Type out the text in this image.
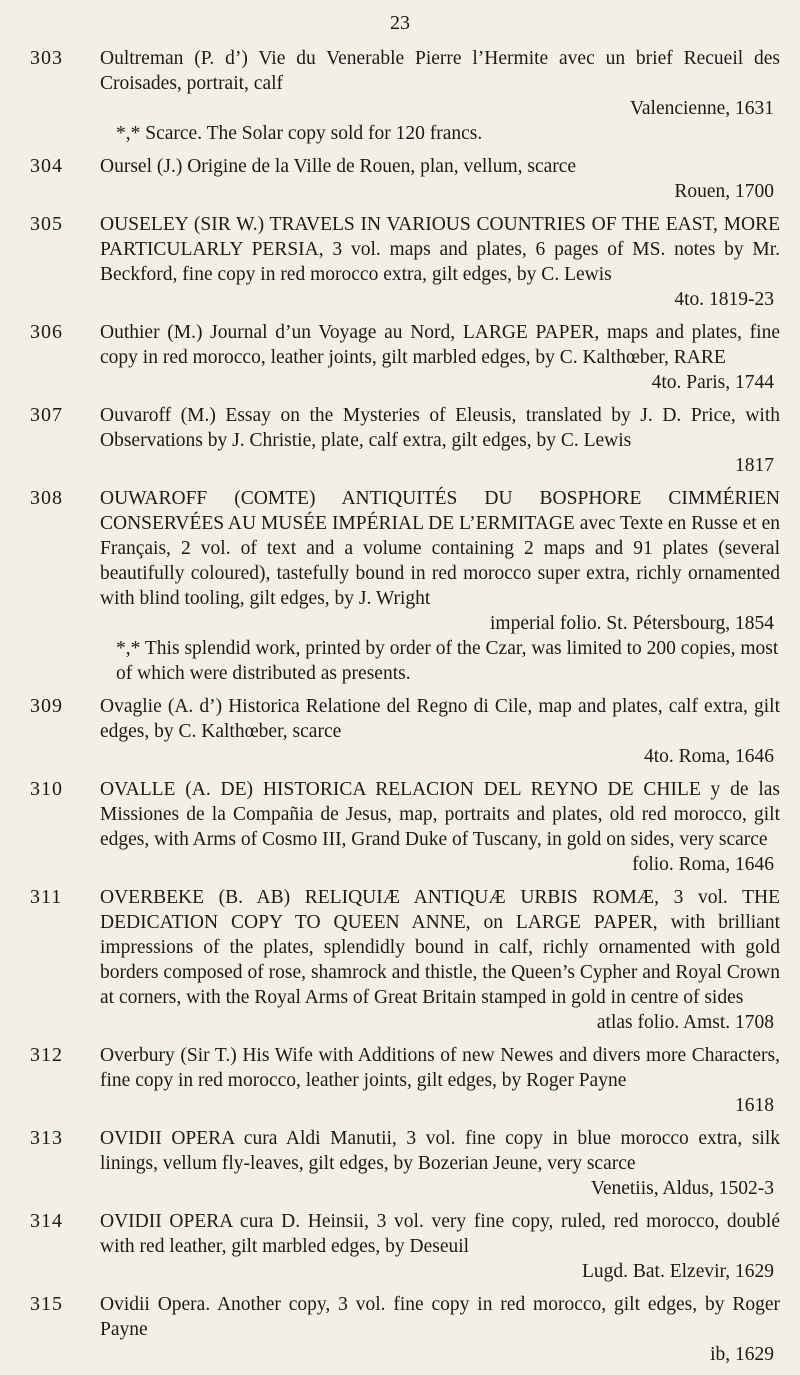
23
303 Oultreman (P. d’) Vie du Venerable Pierre l’Hermite avec un brief Recueil des Croisades, portrait, calf
Valencienne, 1631
*,* Scarce. The Solar copy sold for 120 francs.
304 Oursel (J.) Origine de la Ville de Rouen, plan, vellum, scarce
Rouen, 1700
305 OUSELEY (SIR W.) TRAVELS IN VARIOUS COUNTRIES OF THE EAST, MORE PARTICULARLY PERSIA, 3 vol. maps and plates, 6 pages of MS. notes by Mr. Beckford, fine copy in red morocco extra, gilt edges, by C. Lewis
4to. 1819-23
306 Outhier (M.) Journal d’un Voyage au Nord, LARGE PAPER, maps and plates, fine copy in red morocco, leather joints, gilt marbled edges, by C. Kalthœber, RARE
4to. Paris, 1744
307 Ouvaroff (M.) Essay on the Mysteries of Eleusis, translated by J. D. Price, with Observations by J. Christie, plate, calf extra, gilt edges, by C. Lewis
1817
308 OUWAROFF (COMTE) ANTIQUITÉS DU BOSPHORE CIMMÉRIEN CONSERVÉES AU MUSÉE IMPÉRIAL DE L’ERMITAGE avec Texte en Russe et en Français, 2 vol. of text and a volume containing 2 maps and 91 plates (several beautifully coloured), tastefully bound in red morocco super extra, richly ornamented with blind tooling, gilt edges, by J. Wright
imperial folio. St. Pétersbourg, 1854
*,* This splendid work, printed by order of the Czar, was limited to 200 copies, most of which were distributed as presents.
309 Ovaglie (A. d’) Historica Relatione del Regno di Cile, map and plates, calf extra, gilt edges, by C. Kalthœber, scarce
4to. Roma, 1646
310 OVALLE (A. DE) HISTORICA RELACION DEL REYNO DE CHILE y de las Missiones de la Compañia de Jesus, map, portraits and plates, old red morocco, gilt edges, with Arms of Cosmo III, Grand Duke of Tuscany, in gold on sides, very scarce
folio. Roma, 1646
311 OVERBEKE (B. AB) RELIQUIÆ ANTIQUÆ URBIS ROMÆ, 3 vol. THE DEDICATION COPY TO QUEEN ANNE, on LARGE PAPER, with brilliant impressions of the plates, splendidly bound in calf, richly ornamented with gold borders composed of rose, shamrock and thistle, the Queen’s Cypher and Royal Crown at corners, with the Royal Arms of Great Britain stamped in gold in centre of sides
atlas folio. Amst. 1708
312 Overbury (Sir T.) His Wife with Additions of new Newes and divers more Characters, fine copy in red morocco, leather joints, gilt edges, by Roger Payne
1618
313 OVIDII OPERA cura Aldi Manutii, 3 vol. fine copy in blue morocco extra, silk linings, vellum fly-leaves, gilt edges, by Bozerian Jeune, very scarce
Venetiis, Aldus, 1502-3
314 OVIDII OPERA cura D. Heinsii, 3 vol. very fine copy, ruled, red morocco, doublé with red leather, gilt marbled edges, by Deseuil
Lugd. Bat. Elzevir, 1629
315 Ovidii Opera. Another copy, 3 vol. fine copy in red morocco, gilt edges, by Roger Payne
ib, 1629
